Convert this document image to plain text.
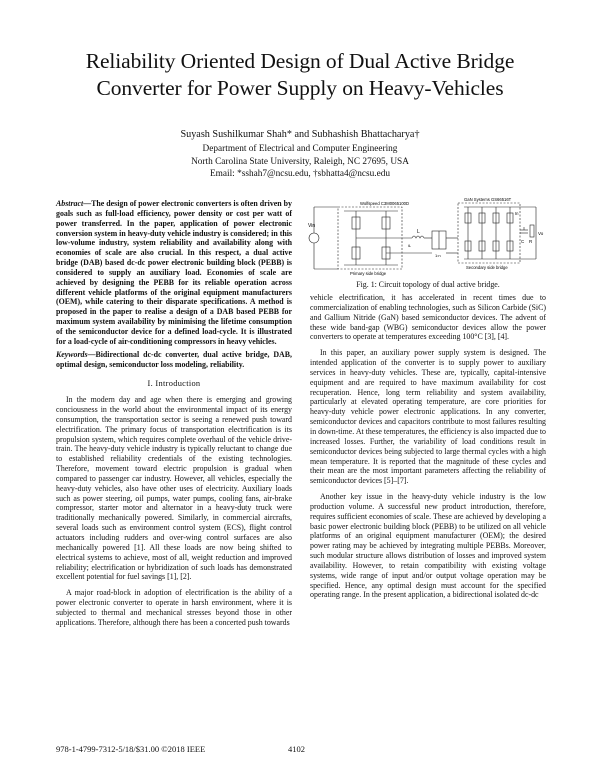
Reliability Oriented Design of Dual Active Bridge
Converter for Power Supply on Heavy-Vehicles
Suyash Sushilkumar Shah* and Subhashish Bhattacharya†
Department of Electrical and Computer Engineering
North Carolina State University, Raleigh, NC 27695, USA
Email: *sshah7@ncsu.edu, †sbhatta4@ncsu.edu
Abstract—The design of power electronic converters is often driven by goals such as full-load efficiency, power density or cost per watt of power transferred. In the paper, application of power electronic conversion system in heavy-duty vehicle industry is considered; in this low-volume industry, system reliability and availability along with economies of scale are also crucial. In this respect, a dual active bridge (DAB) based dc-dc power electronic building block (PEBB) is considered to supply an auxiliary load. Economies of scale are achieved by designing the PEBB for its reliable operation across different vehicle platforms of the original equipment manufacturers (OEM), while catering to their disparate specifications. A method is proposed in the paper to realise a design of a DAB based PEBB for maximum system availability by minimising the lifetime consumption of the semiconductor device for a defined load-cycle. It is illustrated for a load-cycle of air-conditioning compressors in heavy vehicles.
Keywords—Bidirectional dc-dc converter, dual active bridge, DAB, optimal design, semiconductor loss modeling, reliability.
I. Introduction

In the modern day and age when there is emerging and growing conciousness in the world about the environmental impact of its energy consumption, the transportation sector is seeing a renewed push toward electrification. The primary focus of transportation electrification is its propulsion system, which requires complete overhaul of the vehicle drive-train. The heavy-duty vehicle industry is typically reluctant to change due to established reliability credentials of the existing technologies. Therefore, movement toward electric propulsion is gradual when compared to passenger car industry. However, all vehicles, especially the heavy-duty vehicles, also have other uses of electricity. Auxiliary loads such as power steering, oil pumps, water pumps, cooling fans, air-brake compressor, starter motor and alternator in a heavy-duty truck were traditionally mechanically powered. Similarly, in commercial aircrafts, several loads such as environment control system (ECS), flight control actuators including rudders and over-wing control surfaces are also mechanically powered [1]. All these loads are now being shifted to electrical systems to achieve, most of all, weight reduction and improved reliability; electrification or hybridization of such loads has demonstrated excellent potential for fuel savings [1], [2].

A major road-block in adoption of electrification is the ability of a power electronic converter to operate in harsh environment, where it is subjected to thermal and mechanical stresses beyond those in other applications. Therefore, although there has been a concerted push towards

Wolfspeed C3M0065100D
GaN Systems GS66516T
Vin
L
1:n
In
iL
C R
Vo
Primary side bridge
Secondary side bridge
Fig. 1: Circuit topology of dual active bridge.

vehicle electrification, it has accelerated in recent times due to commercialization of enabling technologies, such as Silicon Carbide (SiC) and Gallium Nitride (GaN) based semiconductor devices. The advent of these wide band-gap (WBG) semiconductor devices allow the power converters to operate at temperatures exceeding 100°C [3], [4].

In this paper, an auxiliary power supply system is designed. The intended application of the converter is to supply power to auxiliary services in heavy-duty vehicles. These are, typically, capital-intensive equipment and are required to have maximum availability for cost recuperation. Hence, long term reliability and system availability, particularly at elevated operating temperature, are core priorities for heavy-duty vehicle power electronic applications. In any converter, semiconductor devices and capacitors contribute to most failures resulting in down-time. At these temperatures, the efficiency is also impacted due to increased losses. Further, the variability of load conditions result in semiconductor devices being subjected to large thermal cycles with a high mean temperature. It is reported that the magnitude of these cycles and their mean are the most important parameters affecting the reliability of semiconductor devices [5]–[7].

Another key issue in the heavy-duty vehicle industry is the low production volume. A successful new product introduction, therefore, requires sufficient economies of scale. These are achieved by developing a basic power electronic building block (PEBB) to be utilized on all vehicle platforms of an original equipment manufacturer (OEM); the desired power rating may be achieved by integrating multiple PEBBs. Moreover, such modular structure allows distribution of losses and improved system availability. However, to retain compatibility with existing voltage systems, wide range of input and/or output voltage operation may be specified. Hence, any optimal design must account for the specified operating range. In the present application, a bidirectional isolated dc-dc

978-1-4799-7312-5/18/$31.00 ©2018 IEEE	4102
